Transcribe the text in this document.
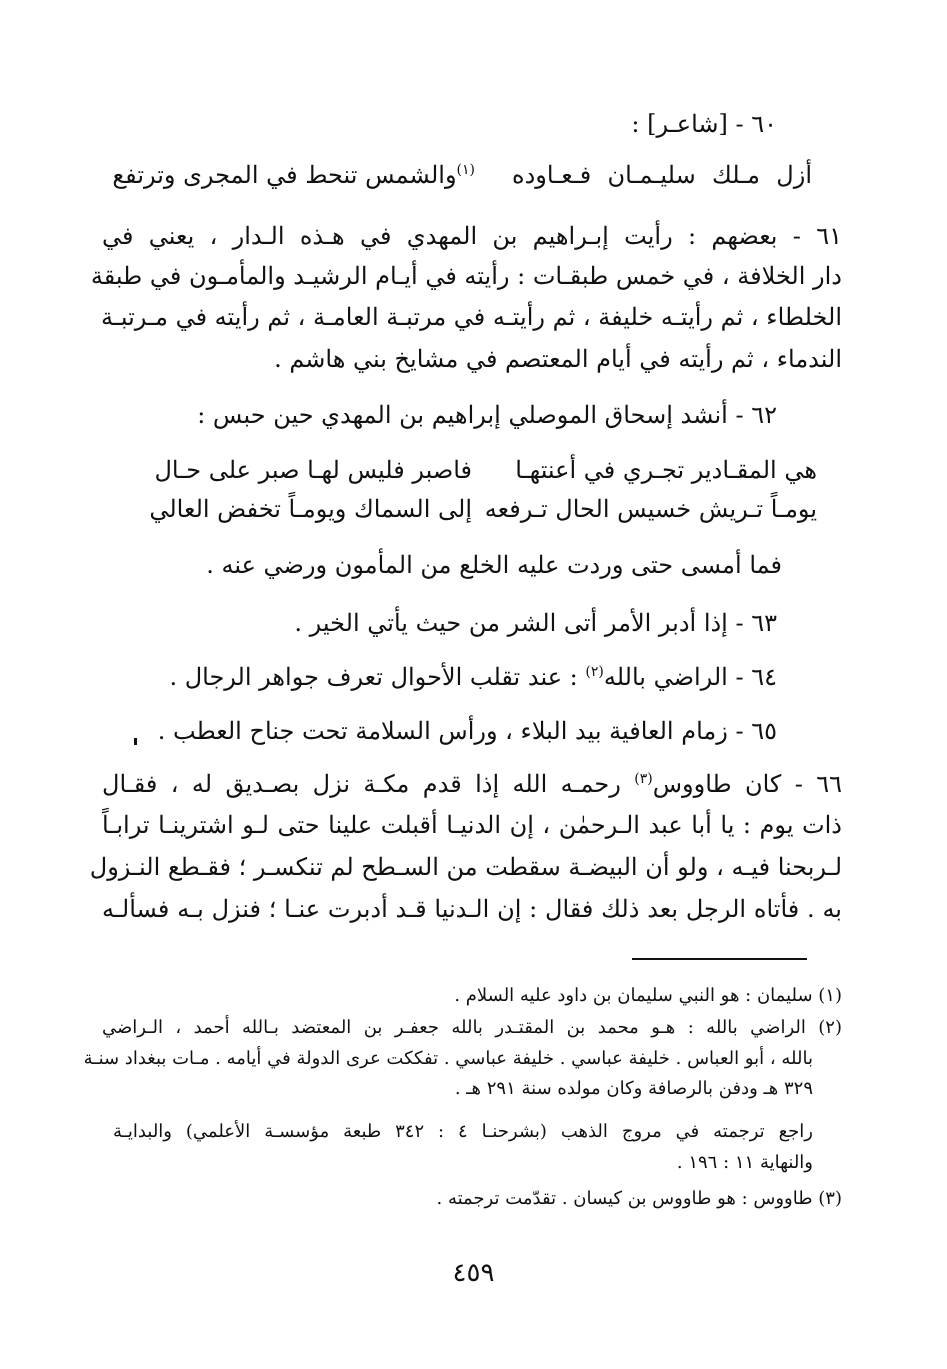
٦٠ - [شاعـر] :
أزل مـلك سليـمـان فـعـاوده
$^{(١)}$والشمس تنحط في المجرى وترتفع
٦١ - بعضهم : رأيت إبـراهيم بن المهدي في هـذه الـدار ، يعني في
دار الخلافة ، في خمس طبقـات : رأيته في أيـام الرشيـد والمأمـون في طبقة
الخلطاء ، ثم رأيتـه خليفة ، ثم رأيتـه في مرتبـة العامـة ، ثم رأيته في مـرتبـة
الندماء ، ثم رأيته في أيام المعتصم في مشايخ بني هاشم .
٦٢ - أنشد إسحاق الموصلي إبراهيم بن المهدي حين حبس :
هي المقـادير تجـري في أعنتهـا
فاصبر فليس لهـا صبر على حـال
يومـاً تـريش خسيس الحال تـرفعه
إلى السماك ويومـاً تخفض العالي
فما أمسى حتى وردت عليه الخلع من المأمون ورضي عنه .
٦٣ - إذا أدبر الأمر أتى الشر من حيث يأتي الخير .
٦٤ - الراضي بالله$^{(٢)}$ : عند تقلب الأحوال تعرف جواهر الرجال .
٦٥ - زمام العافية بيد البلاء ، ورأس السلامة تحت جناح العطب .
٦٦ - كان طاووس$^{(٣)}$ رحمـه الله إذا قدم مكـة نزل بصـديق له ، فقـال
ذات يوم : يا أبا عبد الـرحمٰن ، إن الدنيـا أقبلت علينا حتى لـو اشترينـا ترابـاً
لـربحنا فيـه ، ولو أن البيضـة سقطت من السـطح لم تنكسـر ؛ فقـطع النـزول
به . فأتاه الرجل بعد ذلك فقال : إن الـدنيا قـد أدبرت عنـا ؛ فنزل بـه فسألـه
(١) سليمان : هو النبي سليمان بن داود عليه السلام .
(٢) الراضي بالله : هـو محمد بن المقتـدر بالله جعفـر بن المعتضد بـالله أحمد ، الـراضي
بالله ، أبو العباس . خليفة عباسي . خليفة عباسي . تفككت عرى الدولة في أيامه . مـات ببغداد سنـة
٣٢٩ هـ ودفن بالرصافة وكان مولده سنة ٢٩١ هـ .
راجع ترجمته في مروج الذهب (بشرحنـا ٤ : ٣٤٢ طبعة مؤسسـة الأعلمي) والبدايـة
والنهاية ١١ : ١٩٦ .
(٣) طاووس : هو طاووس بن كيسان . تقدّمت ترجمته .
٤٥٩
